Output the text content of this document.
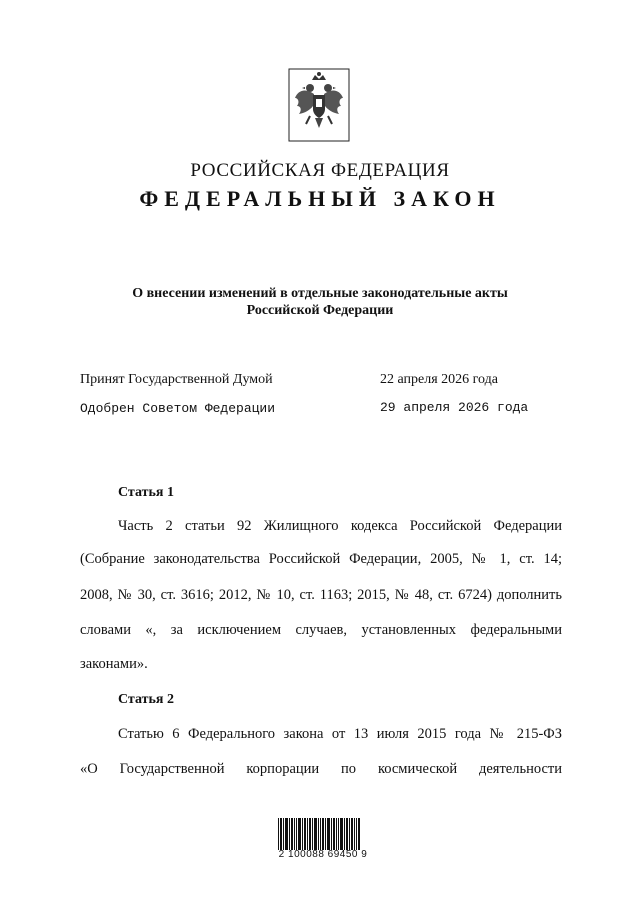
РОССИЙСКАЯ ФЕДЕРАЦИЯ
ФЕДЕРАЛЬНЫЙ ЗАКОН
О внесении изменений в отдельные законодательные акты
Российской Федерации
Принят Государственной Думой	22 апреля 2026 года
Одобрен Советом Федерации	29 апреля 2026 года
Статья 1
Часть 2 статьи 92 Жилищного кодекса Российской Федерации
(Собрание законодательства Российской Федерации, 2005, № 1, ст. 14;
2008, № 30, ст. 3616; 2012, № 10, ст. 1163; 2015, № 48, ст. 6724) дополнить
словами «, за исключением случаев, установленных федеральными
законами».
Статья 2
Статью 6 Федерального закона от 13 июля 2015 года № 215-ФЗ
«О Государственной корпорации по космической деятельности
2 100088 69450 9
